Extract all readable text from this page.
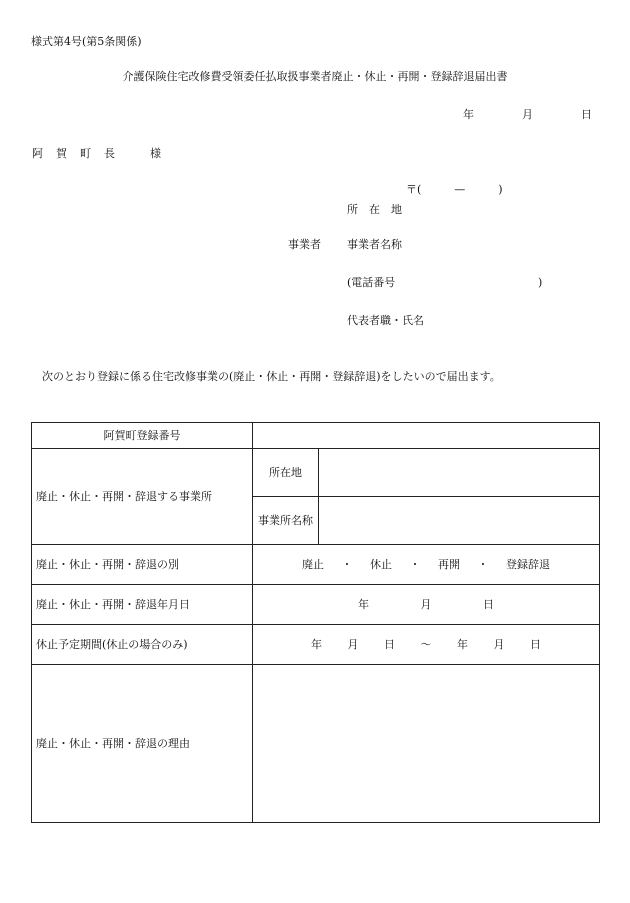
様式第4号(第5条関係)
介護保険住宅改修費受領委任払取扱事業者廃止・休止・再開・登録辞退届出書
年	月	日
阿 賀 町 長	様
〒(　　　—　　　)
所　在　地
事業者 事業者名称
(電話番号	)
代表者職・氏名
次のとおり登録に係る住宅改修事業の(廃止・休止・再開・登録辞退)をしたいので届出ます。
阿賀町登録番号		
廃止・休止・再開・辞退する事業所	所在地	
	事業所名称	
廃止・休止・再開・辞退の別	廃止 ・ 休止 ・ 再開 ・ 登録辞退	
廃止・休止・再開・辞退年月日	年 月 日	
休止予定期間(休止の場合のみ)	年 月 日 ～ 年 月 日	
廃止・休止・再開・辞退の理由		
